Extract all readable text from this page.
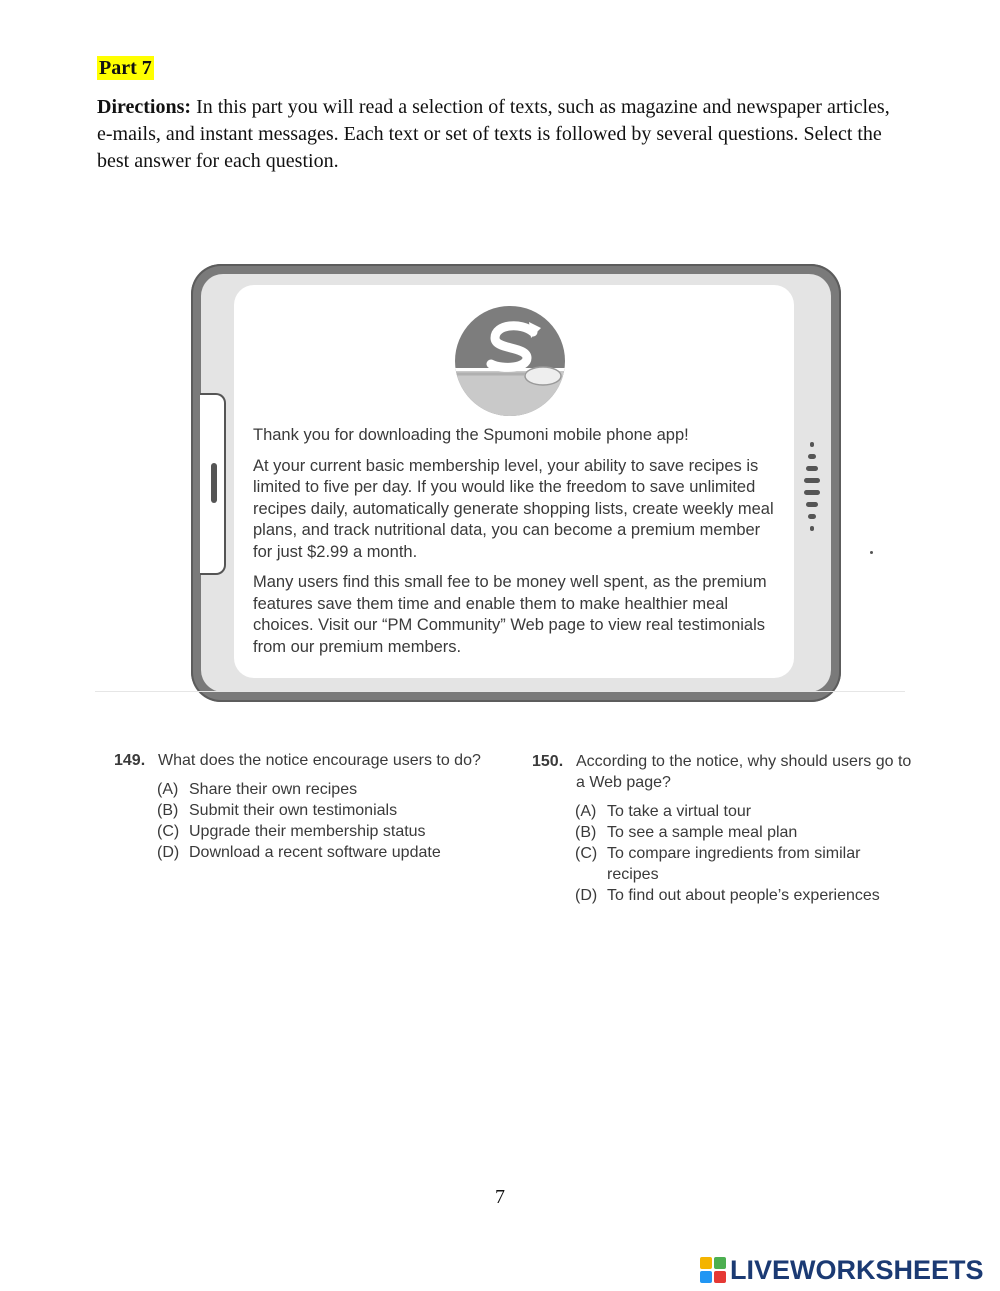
Part 7
Directions: In this part you will read a selection of texts, such as magazine and newspaper articles, e-mails, and instant messages. Each text or set of texts is followed by several questions. Select the best answer for each question.

Thank you for downloading the Spumoni mobile phone app!

At your current basic membership level, your ability to save recipes is limited to five per day. If you would like the freedom to save unlimited recipes daily, automatically generate shopping lists, create weekly meal plans, and track nutritional data, you can become a premium member for just $2.99 a month.

Many users find this small fee to be money well spent, as the premium features save them time and enable them to make healthier meal choices. Visit our “PM Community” Web page to view real testimonials from our premium members.

149. What does the notice encourage users to do?
(A) Share their own recipes
(B) Submit their own testimonials
(C) Upgrade their membership status
(D) Download a recent software update
150. According to the notice, why should users go to a Web page?
(A) To take a virtual tour
(B) To see a sample meal plan
(C) To compare ingredients from similar recipes
(D) To find out about people’s experiences
7
LIVEWORKSHEETS
